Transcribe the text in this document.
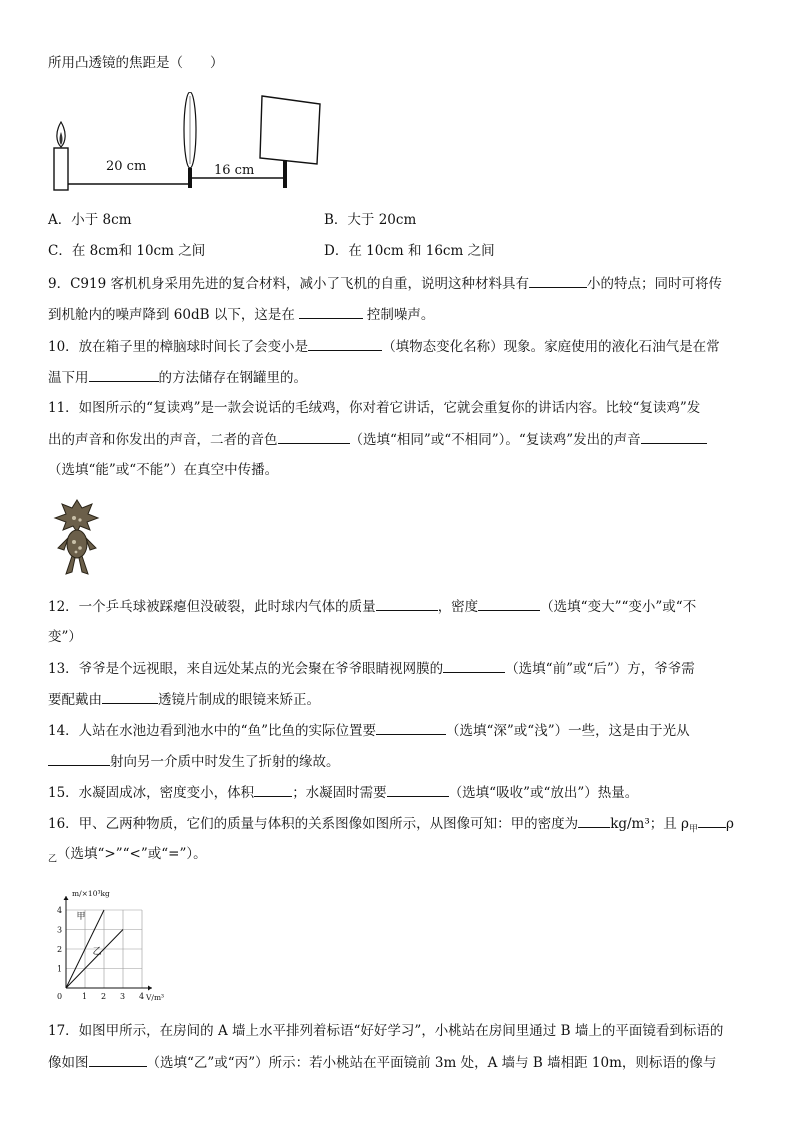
所用凸透镜的焦距是（　　）
20 cm	16 cm
A．小于 8cm	B．大于 20cm
C．在 8cm和 10cm 之间	D．在 10cm 和 16cm 之间
9．C919 客机机身采用先进的复合材料，减小了飞机的自重，说明这种材料具有	小的特点；同时可将传
到机舱内的噪声降到 60dB 以下，这是在	控制噪声。
10．放在箱子里的樟脑球时间长了会变小是	（填物态变化名称）现象。家庭使用的液化石油气是在常
温下用	的方法储存在钢罐里的。
11．如图所示的“复读鸡”是一款会说话的毛绒鸡，你对着它讲话，它就会重复你的讲话内容。比较“复读鸡”发
出的声音和你发出的声音，二者的音色	（选填“相同”或“不相同”）。“复读鸡”发出的声音
（选填“能”或“不能”）在真空中传播。
12．一个乒乓球被踩瘪但没破裂，此时球内气体的质量	，密度	（选填“变大”“变小”或“不
变”）
13．爷爷是个远视眼，来自远处某点的光会聚在爷爷眼睛视网膜的	（选填“前”或“后”）方，爷爷需
要配戴由	透镜片制成的眼镜来矫正。
14．人站在水池边看到池水中的“鱼”比鱼的实际位置要	（选填“深”或“浅”）一些，这是由于光从
射向另一介质中时发生了折射的缘故。
15．水凝固成冰，密度变小，体积	；水凝固时需要	（选填“吸收”或“放出”）热量。
16．甲、乙两种物质，它们的质量与体积的关系图像如图所示，从图像可知：甲的密度为 kg/m³；且 $\rho_甲$ ρ
$_乙$（选填“>”“<”或“=”）。
0 1 2 3 4
1
2
3
4
m/×10³kg
V/m³
甲
乙
17．如图甲所示，在房间的 A 墙上水平排列着标语“好好学习”，小桃站在房间里通过 B 墙上的平面镜看到标语的
像如图	（选填“乙”或“丙”）所示：若小桃站在平面镜前 3m 处，A 墙与 B 墙相距 10m，则标语的像与
